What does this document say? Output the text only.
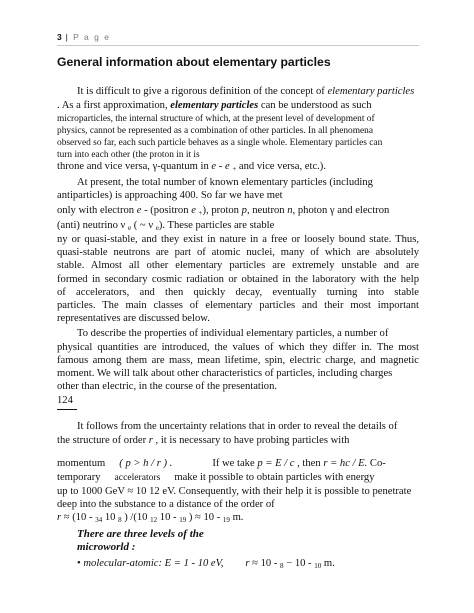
3 | P a g e
General information about elementary particles
It is difficult to give a rigorous definition of the concept of elementary particles
. As a first approximation, elementary particles can be understood as such
microparticles, the internal structure of which, at the present level of development of
physics, cannot be represented as a combination of other particles. In all phenomena
observed so far, each such particle behaves as a single whole. Elementary particles can
turn into each other (the proton in it is
throne and vice versa, γ-quantum in e - e $_+$ and vice versa, etc.).
At present, the total number of known elementary particles (including
antiparticles) is approaching 400. So far we have met
only with electron e - (positron e $_+$), proton p, neutron n, photon γ and electron
(anti) neutrino ν $_e$ ( ~ ν $_e$). These particles are stable
ny or quasi-stable, and they exist in nature in a free or loosely bound state. Thus,
quasi-stable neutrons are part of atomic nuclei, many of which are absolutely
stable. Almost all other elementary particles are extremely unstable and are
formed in secondary cosmic radiation or obtained in the laboratory with the help
of accelerators, and then quickly decay, eventually turning into stable
particles. The main classes of elementary particles and their most important
representatives are discussed below.
To describe the properties of individual elementary particles, a number of
physical quantities are introduced, the values of which they differ in. The most
famous among them are mass, mean lifetime, spin, electric charge, and magnetic
moment. We will talk about other characteristics of particles, including charges
other than electric, in the course of the presentation.
124
It follows from the uncertainty relations that in order to reveal the details of
the structure of order r , it is necessary to have probing particles with
momentum ( p > h / r ) .	If we take p = E / c , then r = hc / E. Co-
temporary accelerators make it possible to obtain particles with energy
up to 1000 GeV ≈ 10 12 eV. Consequently, with their help it is possible to penetrate
deep into the substance to a distance of the order of
r ≈ (10 - $_{34}$ 10 $_8$ ) /(10 $_{12}$ 10 - $_{19}$ ) ≈ 10 - $_{19}$ m.
There are three levels of the
microworld :
• molecular-atomic: E = 1 - 10 eV, r ≈ 10 - $_8$ − 10 - $_{10}$ m.
